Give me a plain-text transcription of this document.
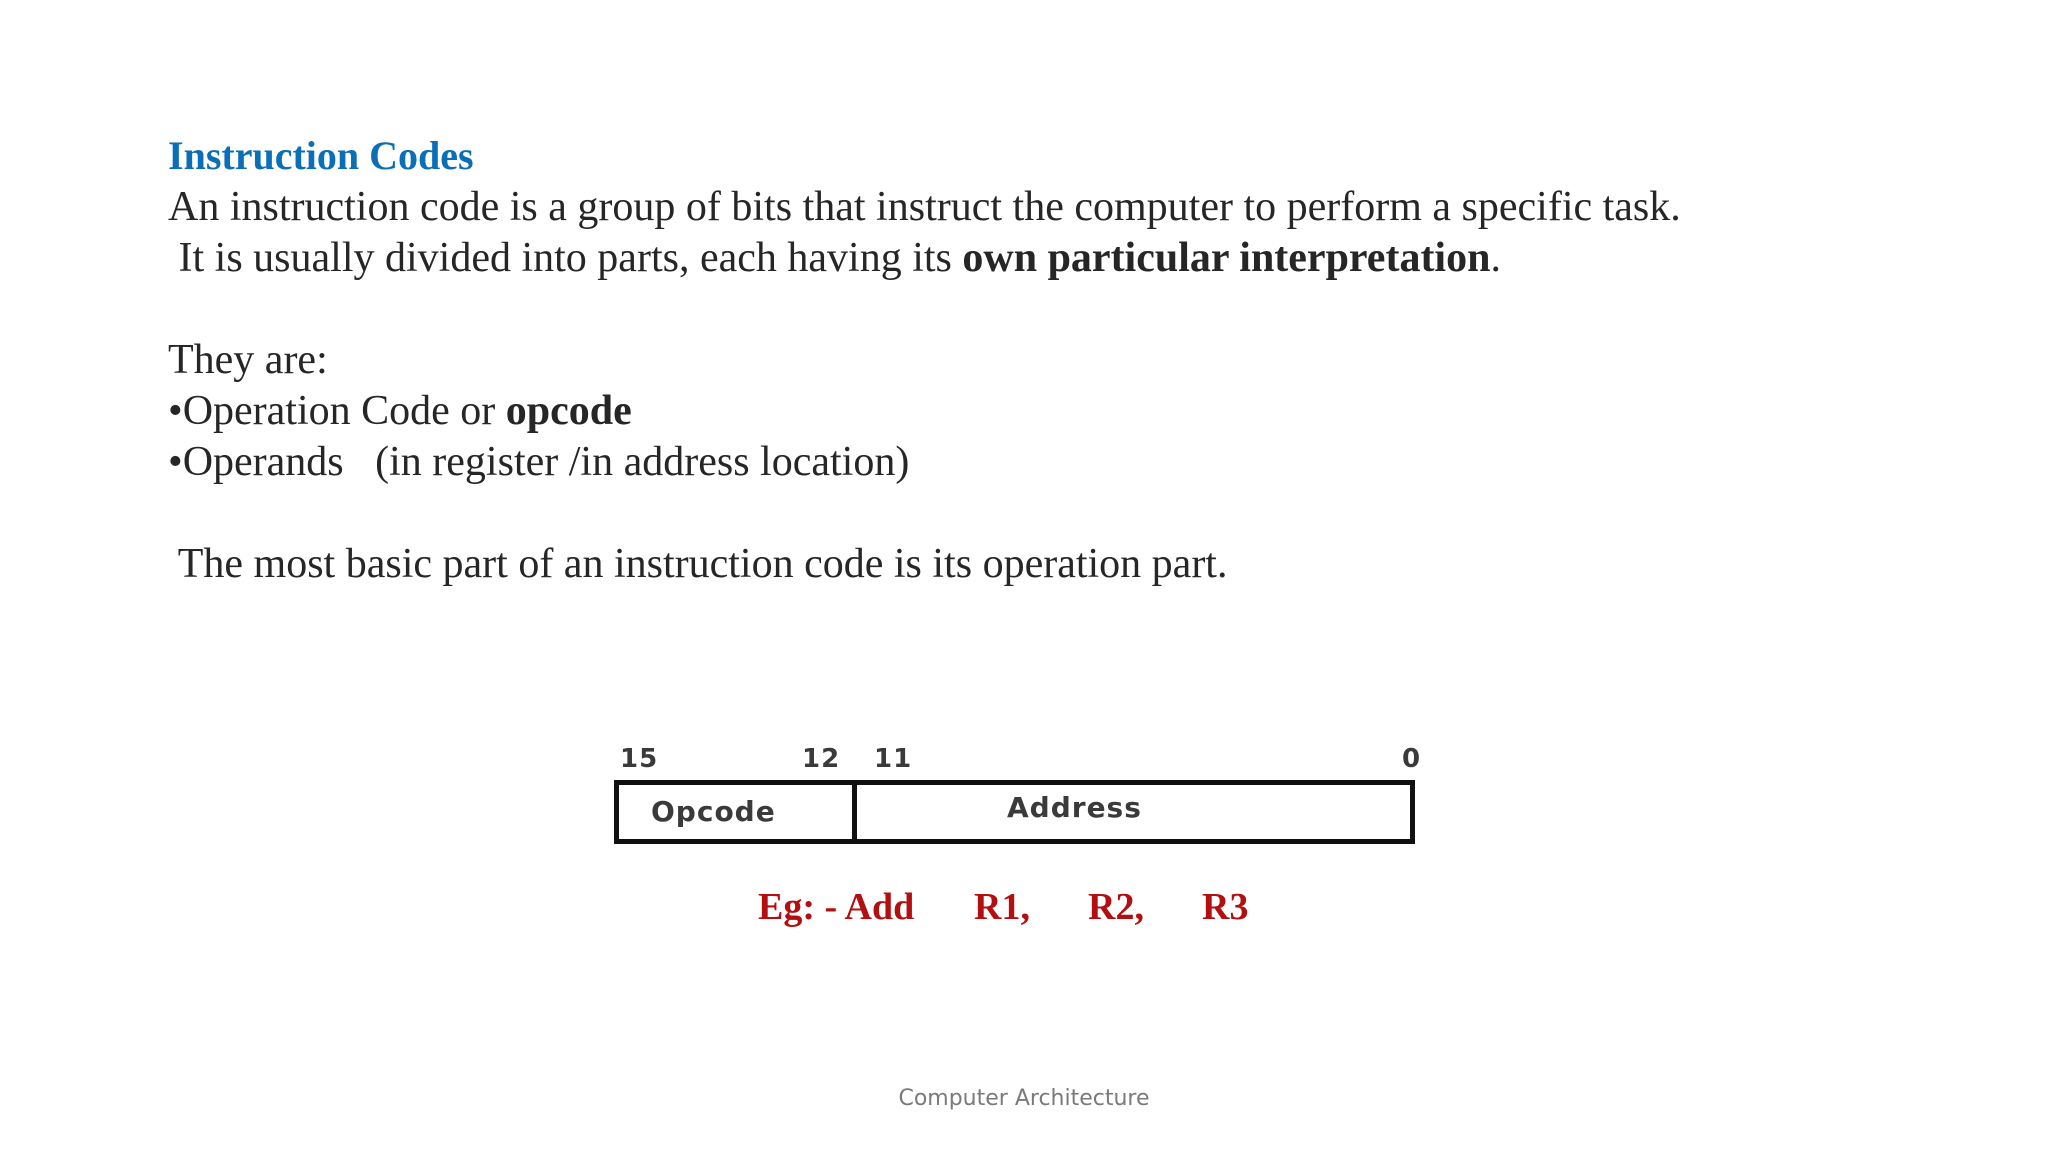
Instruction Codes
An instruction code is a group of bits that instruct the computer to perform a specific task.
It is usually divided into parts, each having its own particular interpretation.
They are:
•Operation Code or opcode
•Operands   (in register /in address location)
The most basic part of an instruction code is its operation part.
15	12 11	0
Opcode	Address
Eg: - Add R1, R2, R3
Computer Architecture
